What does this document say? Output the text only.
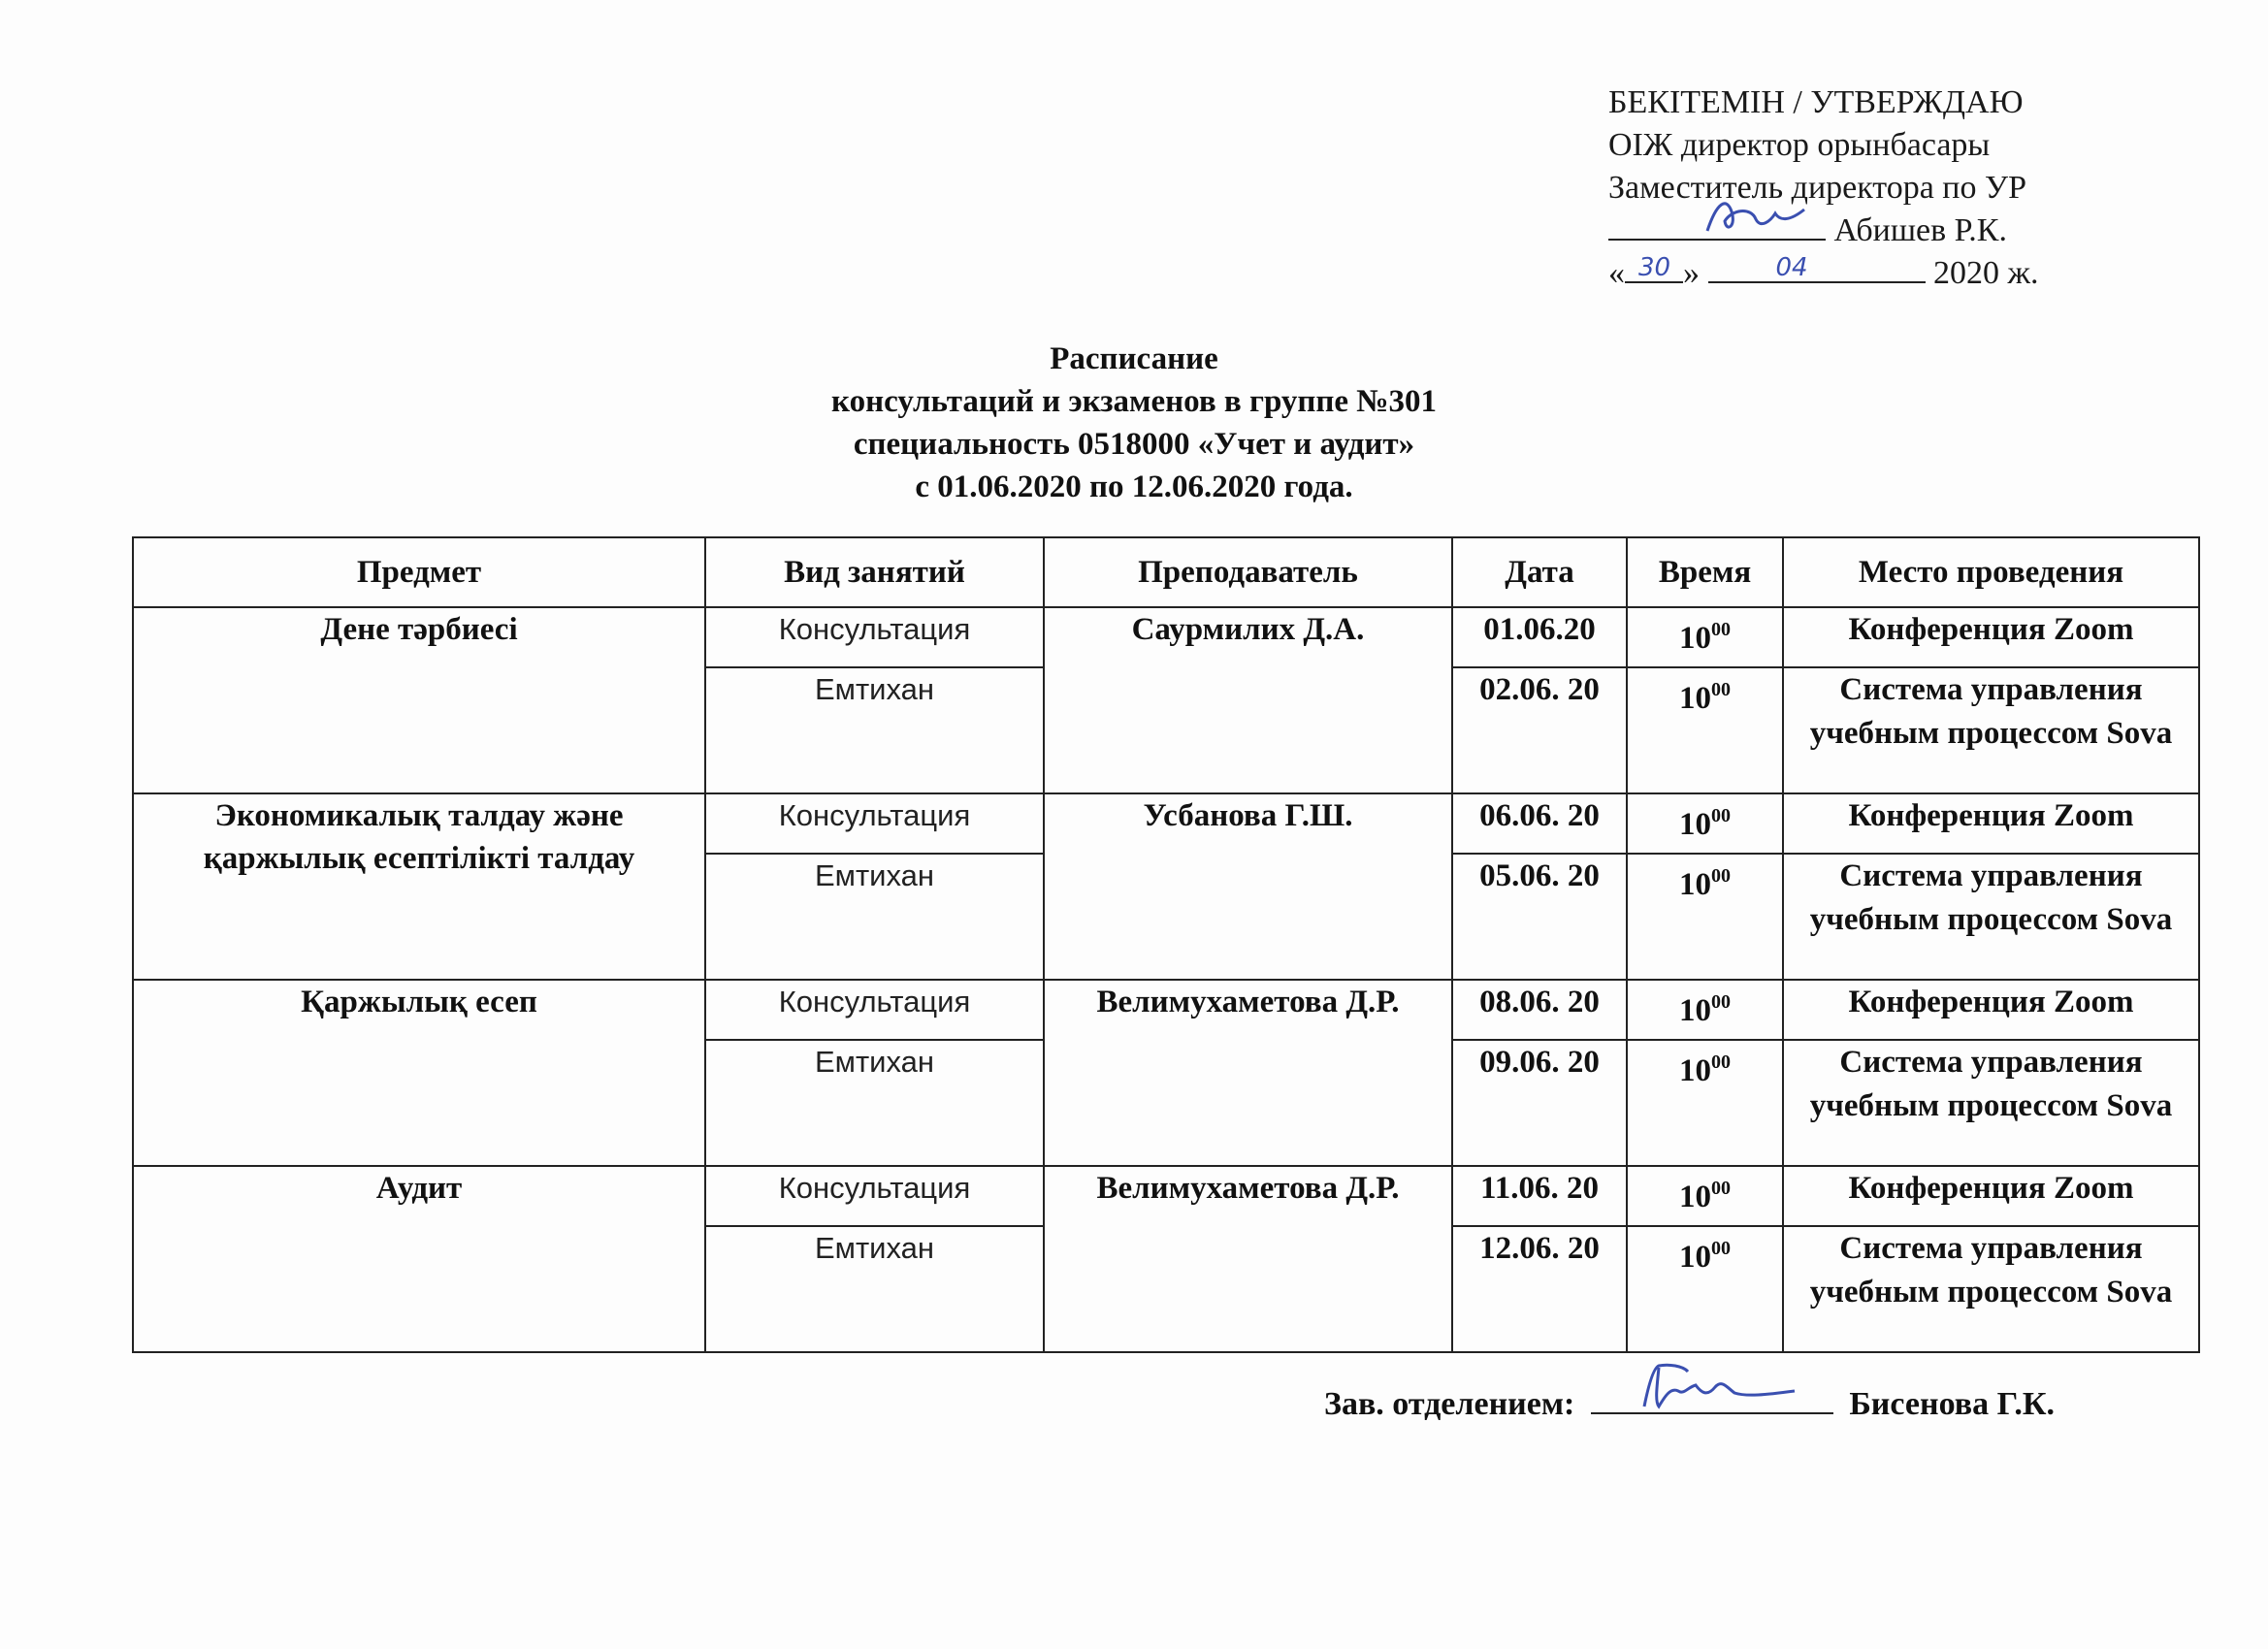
БЕКІТЕМІН / УТВЕРЖДАЮ
ОІЖ директор орынбасары
Заместитель директора по УР
Абишев Р.К.
« 30 »	04	2020 ж.
Расписание
консультаций и экзаменов в группе №301
специальность 0518000 «Учет и аудит»
с 01.06.2020 по 12.06.2020 года.
Предмет	Вид занятий	Преподаватель	Дата	Время	Место проведения
Дене тәрбиесі	Консультация	Саурмилих Д.А.	01.06.20	$10^{00}$	Конференция Zoom
	Емтихан		02.06. 20	$10^{00}$	Система управления учебным процессом Sova
Экономикалық талдау және қаржылық есептілікті талдау	Консультация	Усбанова Г.Ш.	06.06. 20	$10^{00}$	Конференция Zoom
	Емтихан		05.06. 20	$10^{00}$	Система управления учебным процессом Sova
Қаржылық есеп	Консультация	Велимухаметова Д.Р.	08.06. 20	$10^{00}$	Конференция Zoom
	Емтихан		09.06. 20	$10^{00}$	Система управления учебным процессом Sova
Аудит	Консультация	Велимухаметова Д.Р.	11.06. 20	$10^{00}$	Конференция Zoom
	Емтихан		12.06. 20	$10^{00}$	Система управления учебным процессом Sova
Зав. отделением:	Бисенова Г.К.
